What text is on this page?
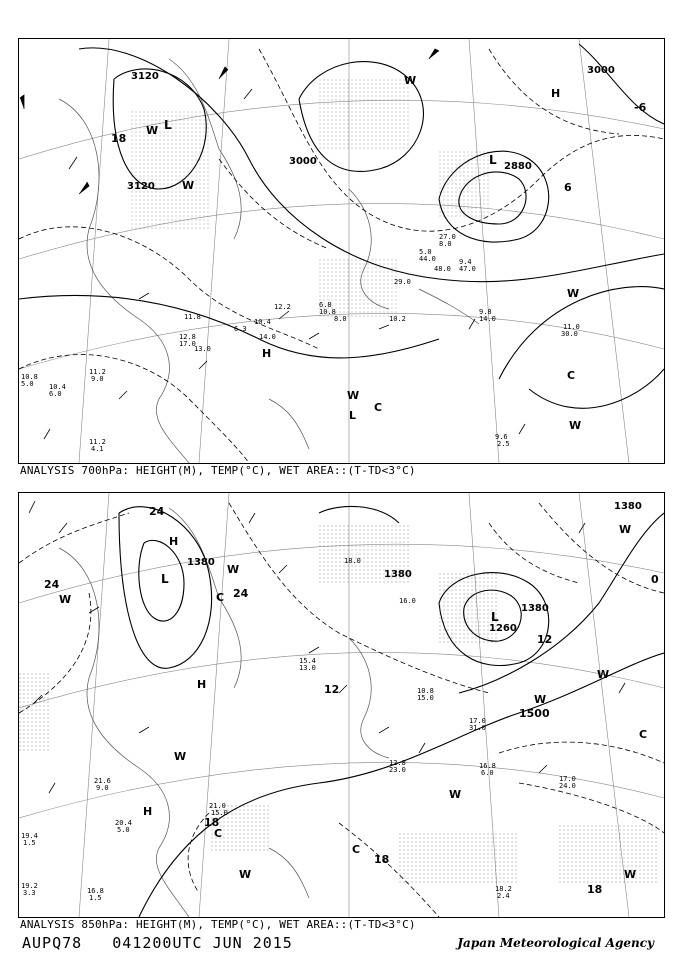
3120
3120
3000
3000	2880
H
L
H
L
L
W
W
W
W
C
C
W
W
-6
6
18
11.2
9.0
10.8
5.0 10.4
6.0
11.2
4.1
9.6
2.5
11.0
30.0
9.8
14.0
8.0	10.2
10.8
6.8
12.2
11.8
13.0
12.8
17.0
14.0
10.4
6.3
44.0
5.0
27.0
8.0
29.0
9.4
47.0
48.0
ANALYSIS 700hPa: HEIGHT(M), TEMP(°C), WET AREA::(T-TD<3°C)
1380
1380
1380
1260
1500
1380
H
L
H
H
L
C
C
W
W
W
W
W
C
C
W
W	W
W
24
24
24
18
18
18
12
0
12
19.4
1.5
19.2
3.3	16.8
1.5
21.0
15.0
20.4
5.0
21.6
9.0
16.8
6.0
17.0
24.0
18.2
2.4
12.8
23.0
18.0
16.0
17.0
31.0
10.8
15.0
15.4
13.0
ANALYSIS 850hPa: HEIGHT(M), TEMP(°C), WET AREA::(T-TD<3°C)
AUPQ78 041200UTC JUN 2015	Japan Meteorological Agency
